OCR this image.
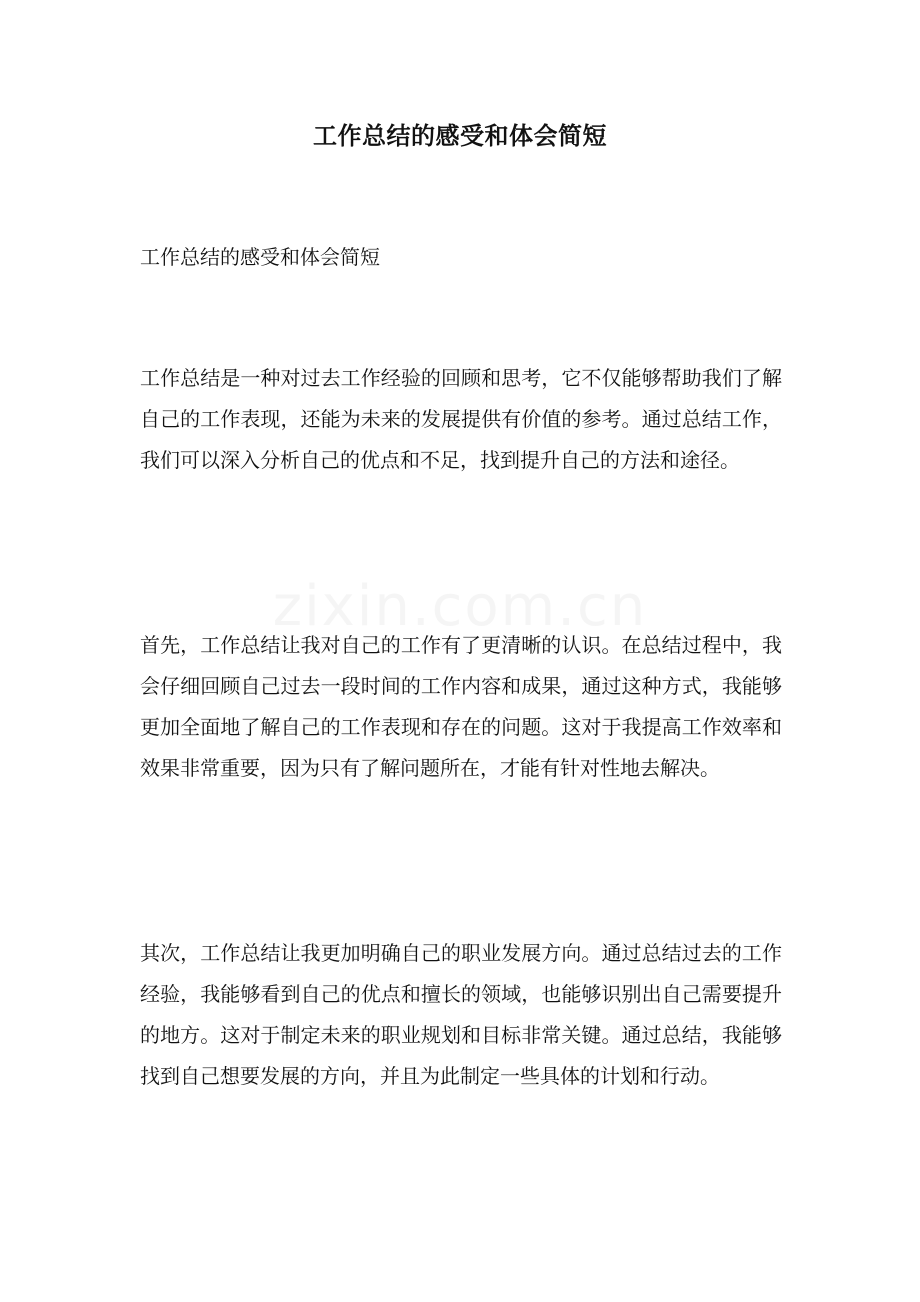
zixin.com.cn
工作总结的感受和体会简短
工作总结的感受和体会简短

工作总结是一种对过去工作经验的回顾和思考，它不仅能够帮助我们了解自己的工作表现，还能为未来的发展提供有价值的参考。通过总结工作，我们可以深入分析自己的优点和不足，找到提升自己的方法和途径。

首先，工作总结让我对自己的工作有了更清晰的认识。在总结过程中，我会仔细回顾自己过去一段时间的工作内容和成果，通过这种方式，我能够更加全面地了解自己的工作表现和存在的问题。这对于我提高工作效率和效果非常重要，因为只有了解问题所在，才能有针对性地去解决。

其次，工作总结让我更加明确自己的职业发展方向。通过总结过去的工作经验，我能够看到自己的优点和擅长的领域，也能够识别出自己需要提升的地方。这对于制定未来的职业规划和目标非常关键。通过总结，我能够找到自己想要发展的方向，并且为此制定一些具体的计划和行动。
